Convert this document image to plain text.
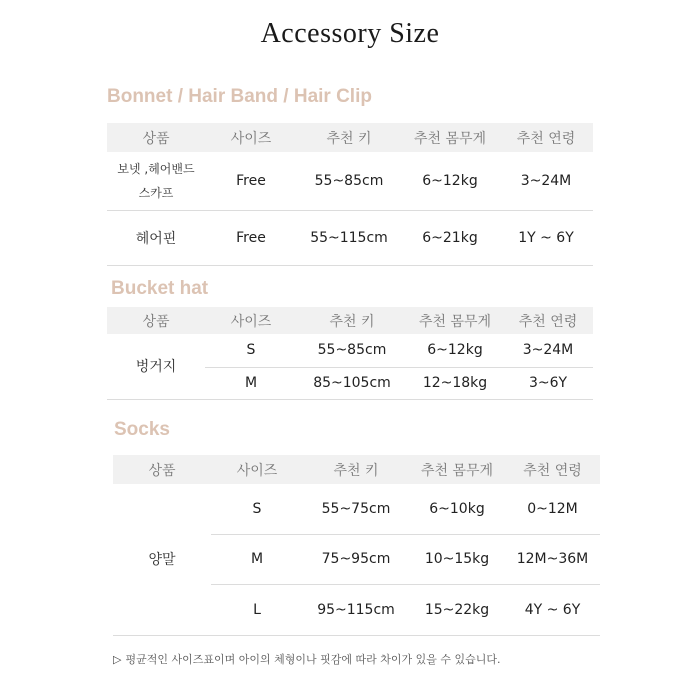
Accessory Size
Bonnet / Hair Band / Hair Clip
상품	사이즈	추천 키	추천 몸무게	추천 연령

보넷 ,헤어밴드
스카프	Free	55~85cm	6~12kg	3~24M
헤어핀	Free	55~115cm	6~21kg	1Y ~ 6Y
Bucket hat
상품	사이즈	추천 키	추천 몸무게	추천 연령
벙거지	S	55~85cm	6~12kg	3~24M
	M	85~105cm	12~18kg	3~6Y
Socks
상품	사이즈	추천 키	추천 몸무게	추천 연령
양말	S	55~75cm	6~10kg	0~12M
	M	75~95cm	10~15kg	12M~36M
	L	95~115cm	15~22kg	4Y ~ 6Y
▷ 평균적인 사이즈표이며 아이의 체형이나 핏감에 따라 차이가 있을 수 있습니다.
